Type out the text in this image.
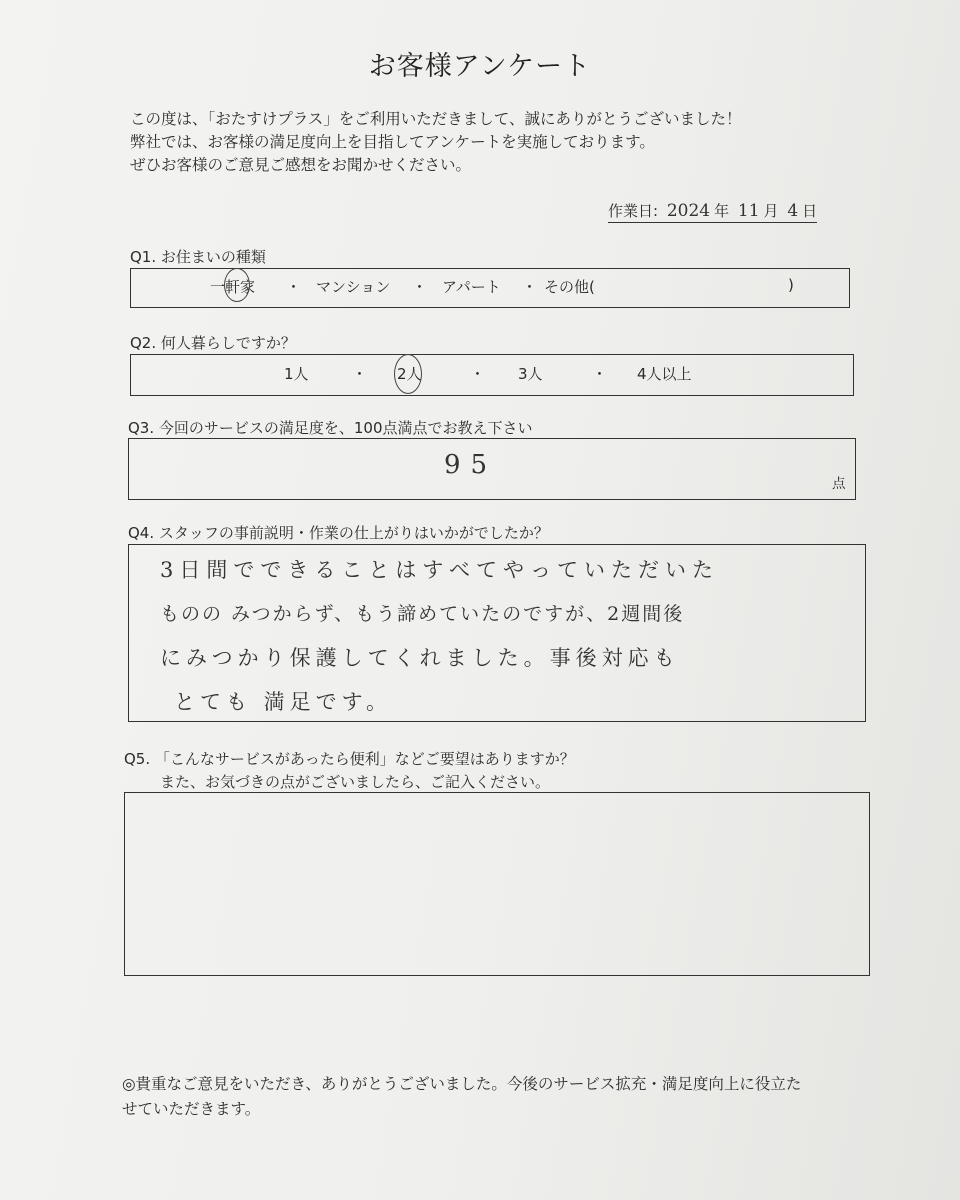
お客様アンケート
この度は、「おたすけプラス」をご利用いただきまして、誠にありがとうございました！
弊社では、お客様の満足度向上を目指してアンケートを実施しております。
ぜひお客様のご意見ご感想をお聞かせください。
作業日: 2024 年 11 月 4 日
Q1. お住まいの種類
一軒家 ・ マンション ・ アパート ・ その他(	)
Q2. 何人暮らしですか？
1人	・ 2人	・ 3人	・ 4人以上
Q3. 今回のサービスの満足度を、100点満点でお教え下さい
95
点
Q4. スタッフの事前説明・作業の仕上がりはいかがでしたか？
3日間でできることはすべてやっていただいた
ものの みつからず、もう諦めていたのですが、2週間後
にみつかり保護してくれました。事後対応も
とても 満足です。
Q5. 「こんなサービスがあったら便利」などご要望はありますか？
また、お気づきの点がございましたら、ご記入ください。
◎貴重なご意見をいただき、ありがとうございました。今後のサービス拡充・満足度向上に役立た
せていただきます。
